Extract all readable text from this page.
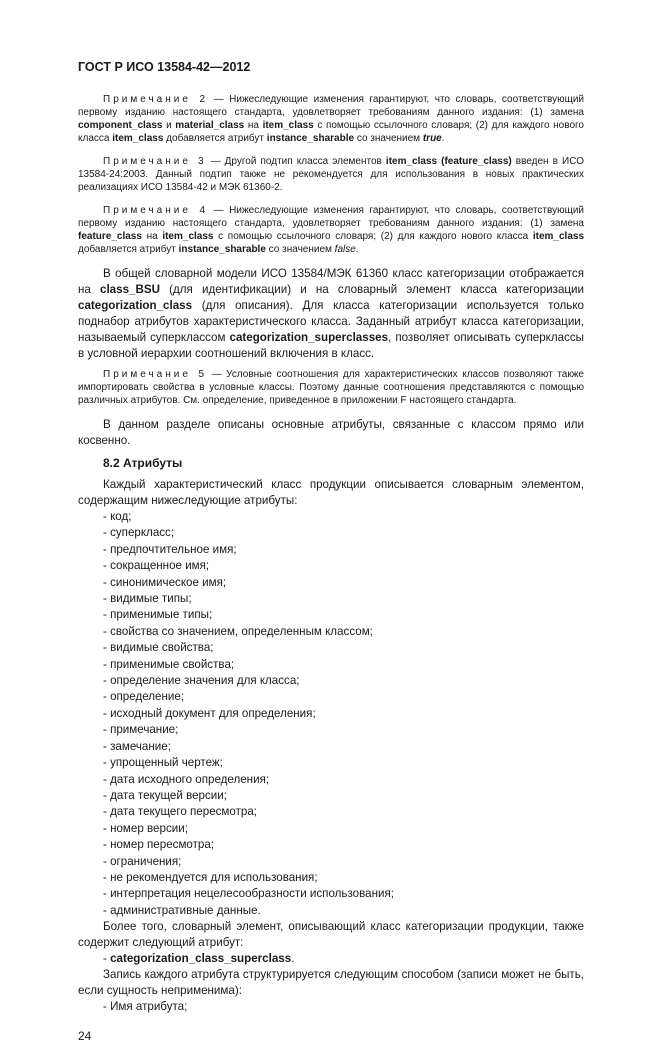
ГОСТ Р ИСО 13584-42—2012
Примечание 2 — Нижеследующие изменения гарантируют, что словарь, соответствующий первому изданию настоящего стандарта, удовлетворяет требованиям данного издания: (1) замена component_class и material_class на item_class с помощью ссылочного словаря; (2) для каждого нового класса item_class добавляется атрибут instance_sharable со значением true.
Примечание 3 — Другой подтип класса элементов item_class (feature_class) введен в ИСО 13584-24:2003. Данный подтип также не рекомендуется для использования в новых практических реализациях ИСО 13584-42 и МЭК 61360-2.
Примечание 4 — Нижеследующие изменения гарантируют, что словарь, соответствующий первому изданию настоящего стандарта, удовлетворяет требованиям данного издания: (1) замена feature_class на item_class с помощью ссылочного словаря; (2) для каждого нового класса item_class добавляется атрибут instance_sharable со значением false.
В общей словарной модели ИСО 13584/МЭК 61360 класс категоризации отображается на class_BSU (для идентификации) и на словарный элемент класса категоризации categorization_class (для описания). Для класса категоризации используется только поднабор атрибутов характеристического класса. Заданный атрибут класса категоризации, называемый суперклассом categorization_superclasses, позволяет описывать суперклассы в условной иерархии соотношений включения в класс.
Примечание 5 — Условные соотношения для характеристических классов позволяют также импортировать свойства в условные классы. Поэтому данные соотношения представляются с помощью различных атрибутов. См. определение, приведенное в приложении F настоящего стандарта.
В данном разделе описаны основные атрибуты, связанные с классом прямо или косвенно.
8.2 Атрибуты
Каждый характеристический класс продукции описывается словарным элементом, содержащим нижеследующие атрибуты:
- код;
- суперкласс;
- предпочтительное имя;
- сокращенное имя;
- синонимическое имя;
- видимые типы;
- применимые типы;
- свойства со значением, определенным классом;
- видимые свойства;
- применимые свойства;
- определение значения для класса;
- определение;
- исходный документ для определения;
- примечание;
- замечание;
- упрощенный чертеж;
- дата исходного определения;
- дата текущей версии;
- дата текущего пересмотра;
- номер версии;
- номер пересмотра;
- ограничения;
- не рекомендуется для использования;
- интерпретация нецелесообразности использования;
- административные данные.
Более того, словарный элемент, описывающий класс категоризации продукции, также содержит следующий атрибут:
- categorization_class_superclass.
Запись каждого атрибута структурируется следующим способом (записи может не быть, если сущность неприменима):
- Имя атрибута;
24
